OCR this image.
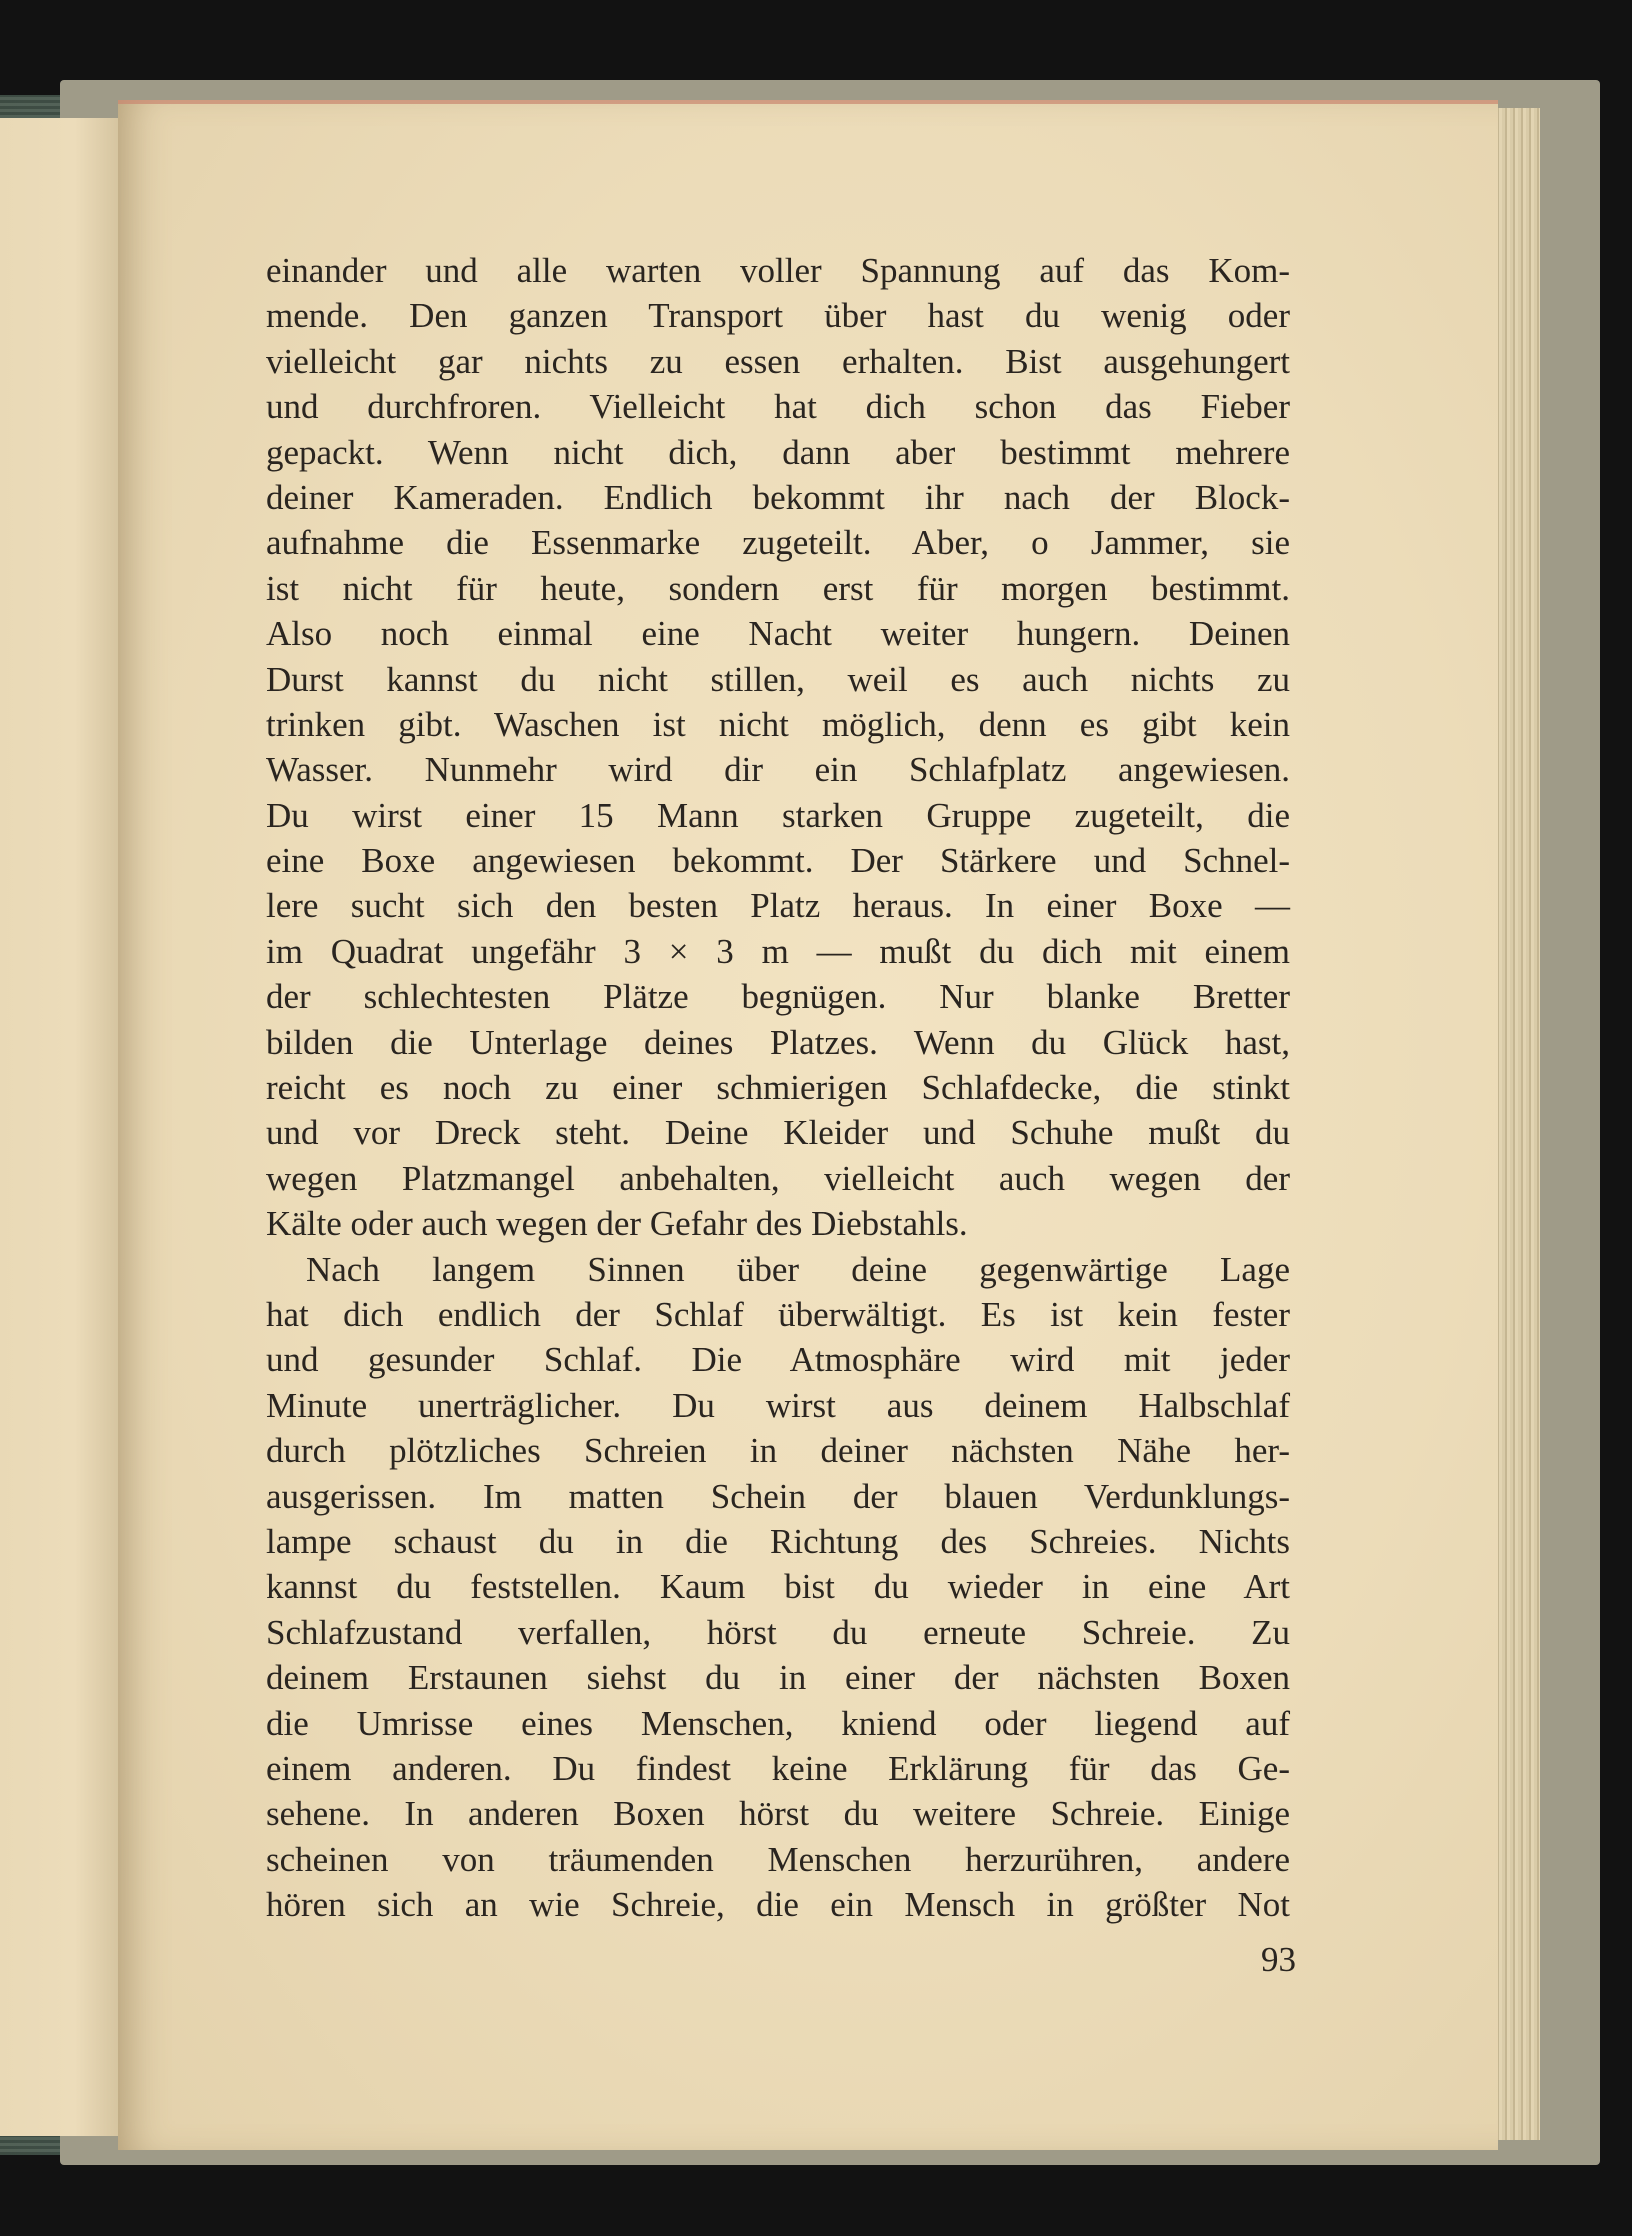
einander und alle warten voller Spannung auf das Kom-
mende. Den ganzen Transport über hast du wenig oder
vielleicht gar nichts zu essen erhalten. Bist ausgehungert
und durchfroren. Vielleicht hat dich schon das Fieber
gepackt. Wenn nicht dich, dann aber bestimmt mehrere
deiner Kameraden. Endlich bekommt ihr nach der Block-
aufnahme die Essenmarke zugeteilt. Aber, o Jammer, sie
ist nicht für heute, sondern erst für morgen bestimmt.
Also noch einmal eine Nacht weiter hungern. Deinen
Durst kannst du nicht stillen, weil es auch nichts zu
trinken gibt. Waschen ist nicht möglich, denn es gibt kein
Wasser. Nunmehr wird dir ein Schlafplatz angewiesen.
Du wirst einer 15 Mann starken Gruppe zugeteilt, die
eine Boxe angewiesen bekommt. Der Stärkere und Schnel-
lere sucht sich den besten Platz heraus. In einer Boxe —
im Quadrat ungefähr 3 × 3 m — mußt du dich mit einem
der schlechtesten Plätze begnügen. Nur blanke Bretter
bilden die Unterlage deines Platzes. Wenn du Glück hast,
reicht es noch zu einer schmierigen Schlafdecke, die stinkt
und vor Dreck steht. Deine Kleider und Schuhe mußt du
wegen Platzmangel anbehalten, vielleicht auch wegen der
Kälte oder auch wegen der Gefahr des Diebstahls.
Nach langem Sinnen über deine gegenwärtige Lage
hat dich endlich der Schlaf überwältigt. Es ist kein fester
und gesunder Schlaf. Die Atmosphäre wird mit jeder
Minute unerträglicher. Du wirst aus deinem Halbschlaf
durch plötzliches Schreien in deiner nächsten Nähe her-
ausgerissen. Im matten Schein der blauen Verdunklungs-
lampe schaust du in die Richtung des Schreies. Nichts
kannst du feststellen. Kaum bist du wieder in eine Art
Schlafzustand verfallen, hörst du erneute Schreie. Zu
deinem Erstaunen siehst du in einer der nächsten Boxen
die Umrisse eines Menschen, kniend oder liegend auf
einem anderen. Du findest keine Erklärung für das Ge-
sehene. In anderen Boxen hörst du weitere Schreie. Einige
scheinen von träumenden Menschen herzurühren, andere
hören sich an wie Schreie, die ein Mensch in größter Not
93
